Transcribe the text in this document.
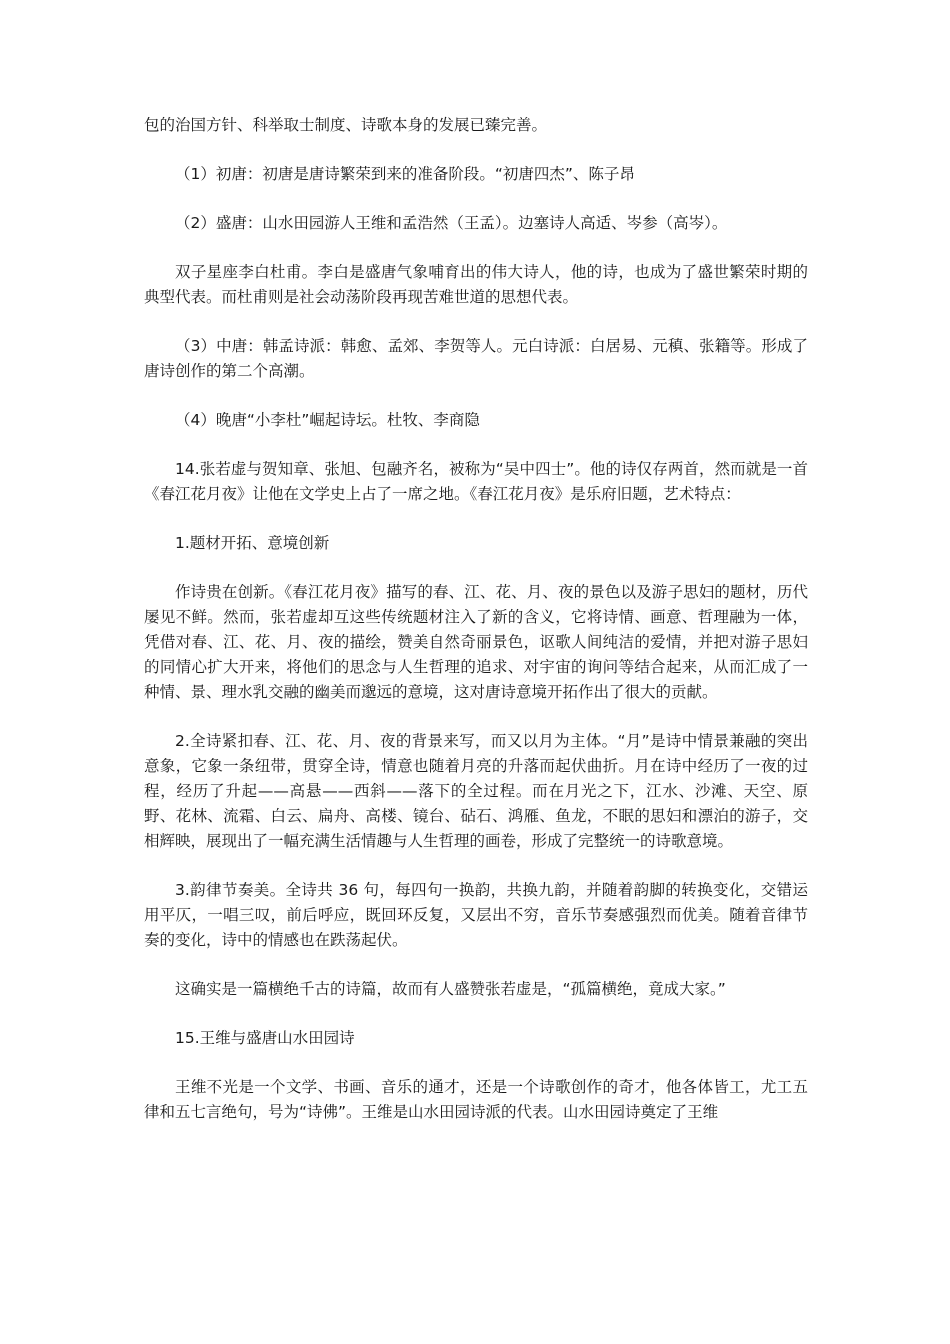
包的治国方针、科举取士制度、诗歌本身的发展已臻完善。

（1）初唐：初唐是唐诗繁荣到来的准备阶段。“初唐四杰”、陈子昂

（2）盛唐：山水田园游人王维和孟浩然（王孟）。边塞诗人高适、岑参（高岑）。

双子星座李白杜甫。李白是盛唐气象哺育出的伟大诗人，他的诗，也成为了盛世繁荣时期的典型代表。而杜甫则是社会动荡阶段再现苦难世道的思想代表。

（3）中唐：韩孟诗派：韩愈、孟郊、李贺等人。元白诗派：白居易、元稹、张籍等。形成了唐诗创作的第二个高潮。

（4）晚唐“小李杜”崛起诗坛。杜牧、李商隐

14.张若虚与贺知章、张旭、包融齐名，被称为“吴中四士”。他的诗仅存两首，然而就是一首《春江花月夜》让他在文学史上占了一席之地。《春江花月夜》是乐府旧题，艺术特点：

1.题材开拓、意境创新

作诗贵在创新。《春江花月夜》描写的春、江、花、月、夜的景色以及游子思妇的题材，历代屡见不鲜。然而，张若虚却互这些传统题材注入了新的含义，它将诗情、画意、哲理融为一体，凭借对春、江、花、月、夜的描绘，赞美自然奇丽景色，讴歌人间纯洁的爱情，并把对游子思妇的同情心扩大开来，将他们的思念与人生哲理的追求、对宇宙的询问等结合起来，从而汇成了一种情、景、理水乳交融的幽美而邈远的意境，这对唐诗意境开拓作出了很大的贡献。

2.全诗紧扣春、江、花、月、夜的背景来写，而又以月为主体。“月”是诗中情景兼融的突出意象，它象一条纽带，贯穿全诗，情意也随着月亮的升落而起伏曲折。月在诗中经历了一夜的过程，经历了升起——高悬——西斜——落下的全过程。而在月光之下，江水、沙滩、天空、原野、花林、流霜、白云、扁舟、高楼、镜台、砧石、鸿雁、鱼龙，不眠的思妇和漂泊的游子，交相辉映，展现出了一幅充满生活情趣与人生哲理的画卷，形成了完整统一的诗歌意境。

3.韵律节奏美。全诗共 36 句，每四句一换韵，共换九韵，并随着韵脚的转换变化，交错运用平仄，一唱三叹，前后呼应，既回环反复，又层出不穷，音乐节奏感强烈而优美。随着音律节奏的变化，诗中的情感也在跌荡起伏。

这确实是一篇横绝千古的诗篇，故而有人盛赞张若虚是，“孤篇横绝，竟成大家。”

15.王维与盛唐山水田园诗

王维不光是一个文学、书画、音乐的通才，还是一个诗歌创作的奇才，他各体皆工，尤工五律和五七言绝句，号为“诗佛”。王维是山水田园诗派的代表。山水田园诗奠定了王维
